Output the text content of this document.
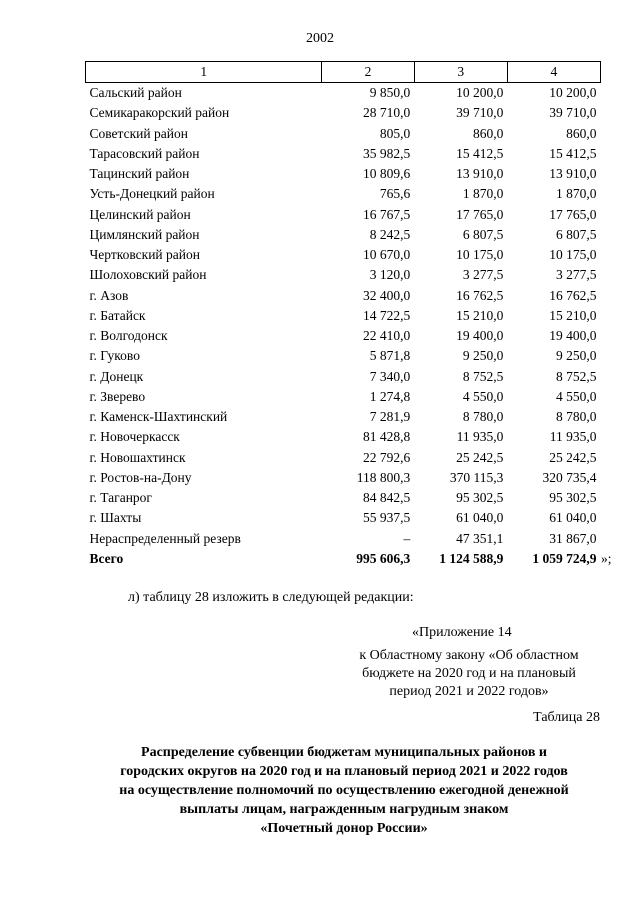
2002
1	2	3	4
Сальский район	9 850,0	10 200,0	10 200,0
Семикаракорский район	28 710,0	39 710,0	39 710,0
Советский район	805,0	860,0	860,0
Тарасовский район	35 982,5	15 412,5	15 412,5
Тацинский район	10 809,6	13 910,0	13 910,0
Усть-Донецкий район	765,6	1 870,0	1 870,0
Целинский район	16 767,5	17 765,0	17 765,0
Цимлянский район	8 242,5	6 807,5	6 807,5
Чертковский район	10 670,0	10 175,0	10 175,0
Шолоховский район	3 120,0	3 277,5	3 277,5
г. Азов	32 400,0	16 762,5	16 762,5
г. Батайск	14 722,5	15 210,0	15 210,0
г. Волгодонск	22 410,0	19 400,0	19 400,0
г. Гуково	5 871,8	9 250,0	9 250,0
г. Донецк	7 340,0	8 752,5	8 752,5
г. Зверево	1 274,8	4 550,0	4 550,0
г. Каменск-Шахтинский	7 281,9	8 780,0	8 780,0
г. Новочеркасск	81 428,8	11 935,0	11 935,0
г. Новошахтинск	22 792,6	25 242,5	25 242,5
г. Ростов-на-Дону	118 800,3	370 115,3	320 735,4
г. Таганрог	84 842,5	95 302,5	95 302,5
г. Шахты	55 937,5	61 040,0	61 040,0
Нераспределенный резерв	–	47 351,1	31 867,0
Всего	995 606,3	1 124 588,9	1 059 724,9 »;
л) таблицу 28 изложить в следующей редакции:
«Приложение 14
к Областному закону «Об областном
бюджете на 2020 год и на плановый
период 2021 и 2022 годов»
Таблица 28
Распределение субвенции бюджетам муниципальных районов и
городских округов на 2020 год и на плановый период 2021 и 2022 годов
на осуществление полномочий по осуществлению ежегодной денежной
выплаты лицам, награжденным нагрудным знаком
«Почетный донор России»
